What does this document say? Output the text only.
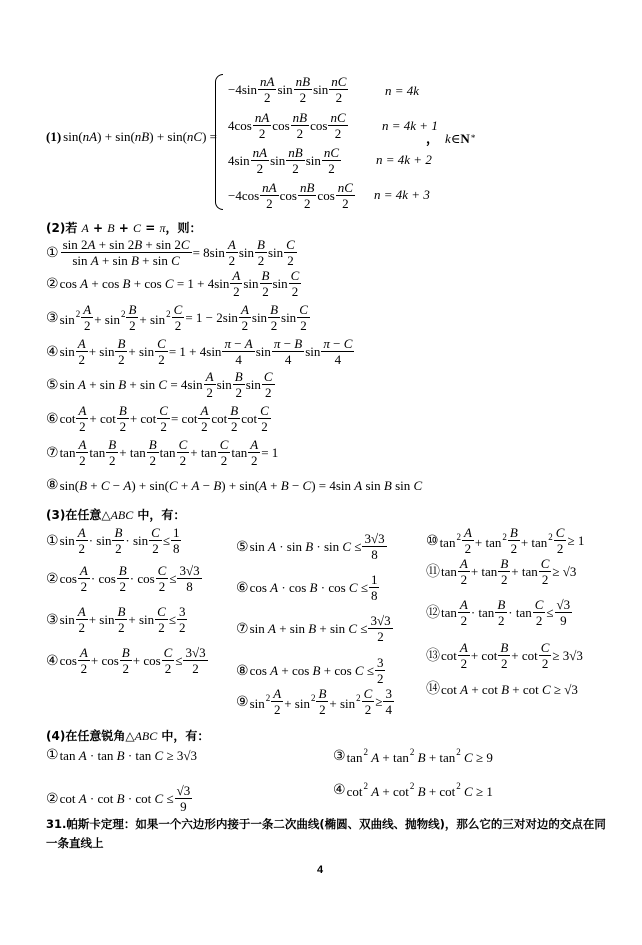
(1) sin(nA) + sin(nB) + sin(nC) =
$-4\sin \frac{nA}{2}$ $\sin \frac{nB}{2}$ $\sin \frac{nC}{2}$	n = 4k
$4\cos \frac{nA}{2}$ $\cos \frac{nB}{2}$ $\cos \frac{nC}{2}$	n = 4k + 1
$4\sin \frac{nA}{2}$ $\sin \frac{nB}{2}$ $\sin \frac{nC}{2}$	n = 4k + 2
$-4\cos \frac{nA}{2}$ $\cos \frac{nB}{2}$ $\cos \frac{nC}{2}$ n = 4k + 3
， k ∈ N *
(2)若 A + B + C = π，则：
① $\frac{\sin 2A + \sin 2B + \sin 2C}{\text{sin A + sin B + sin C}} = 8\sin \frac{A}{2}$ $\sin \frac{B}{2}$ $\sin \frac{C}{2}$
② $\cos A + \cos B + \cos C = 1 + 4\sin \frac{A}{2}$ $\sin \frac{B}{2}$ $\sin \frac{C}{2}$
③ $\sin^2 \frac{A}{2} + \sin^2 \frac{B}{2} + \sin^2 \frac{C}{2} = 1 - 2\sin \frac{A}{2}$ $\sin \frac{B}{2}$ $\sin \frac{C}{2}$
④ $\sin \frac{A}{2} + \sin \frac{B}{2} + \sin \frac{C}{2} = 1 + 4\sin \frac{\pi - A}{4}$ $\sin \frac{\pi - B}{4}$ $\sin \frac{\pi - C}{4}$
⑤ $\sin A + \sin B + \sin C = 4\sin \frac{A}{2}$ $\sin \frac{B}{2}$ $\sin \frac{C}{2}$
⑥ $\cot \frac{A}{2} + \cot \frac{B}{2} + \cot \frac{C}{2} = \cot \frac{A}{2}$ $\cot \frac{B}{2}$ $\cot \frac{C}{2}$
⑦ $\tan \frac{A}{2}$ $\tan \frac{B}{2} + \tan \frac{B}{2}$ $\tan \frac{C}{2} + \tan \frac{C}{2}$ $\tan \frac{A}{2} = 1$
⑧ sin(B + C − A) + sin(C + A − B) + sin(A + B − C) = 4sin A sin B sin C
(3)在任意△ABC 中，有：
① $\sin \frac{A}{2} \cdot \sin \frac{B}{2} \cdot \sin \frac{C}{2} \le \frac{1}{8}$
② $\cos \frac{A}{2} \cdot \cos \frac{B}{2} \cdot \cos \frac{C}{2} \le \frac{3√3}{8}$
③ $\sin \frac{A}{2} + \sin \frac{B}{2} + \sin \frac{C}{2} \le \frac{3}{2}$
④ $\cos \frac{A}{2} + \cos \frac{B}{2} + \cos \frac{C}{2} \le \frac{3√3}{2}$
⑤ $\sin A \cdot \sin B \cdot \sin C \le \frac{3√3}{8}$
⑥ $\cos A \cdot \cos B \cdot \cos C \le \frac{1}{8}$
⑦ $\sin A + \sin B + \sin C \le \frac{3√3}{2}$
⑧ $\cos A + \cos B + \cos C \le \frac{3}{2}$
⑨ $\sin^2 \frac{A}{2} + \sin^2 \frac{B}{2} + \sin^2 \frac{C}{2} \ge \frac{3}{4}$
⑩ $\tan^2 \frac{A}{2} + \tan^2 \frac{B}{2} + \tan^2 \frac{C}{2} \ge 1$
⑪ $\tan \frac{A}{2} + \tan \frac{B}{2} + \tan \frac{C}{2} \ge √3$
⑫ $\tan \frac{A}{2} \cdot \tan \frac{B}{2} \cdot \tan \frac{C}{2} \le \frac{√3}{9}$
⑬ $\cot \frac{A}{2} + \cot \frac{B}{2} + \cot \frac{C}{2} \ge 3√3$
⑭ cot A + cot B + cot C ≥ √3
(4)在任意锐角△ABC 中，有：
① tan A · tan B · tan C ≥ 3√3
② $\cot A \cdot \cot B \cdot \cot C \le \frac{√3}{9}$
③ $\tan^2 A + \tan^2 B + \tan^2 C \ge 9$
④ $\cot^2 A + \cot^2 B + \cot^2 C \ge 1$
31.帕斯卡定理：如果一个六边形内接于一条二次曲线(椭圆、双曲线、抛物线)，那么它的三对对边的交点在同
一条直线上
4
